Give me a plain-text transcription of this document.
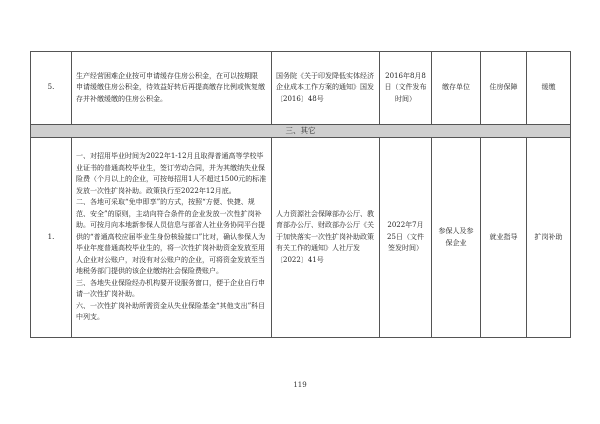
5.	生产经营困难企业按可申请缓存住房公积金，在可以按期限 申请缓缴住房公积金，待效益好转后再提高缴存比例或恢复缴存并补缴缓缴的住房公积金。	国务院《关于印发降低实体经济企业成本工作方案的通知》国发〔2016〕48号	2016年8月8日（文件发布时间）	缴存单位	住房保障	缓缴
三、其它						
1.	一、对招用毕业时间为2022年1-12月且取得普通高等学校毕业证书的普通高校毕业生，签订劳动合同，并为其缴纳失业保险费（个月以上的企业，可按每招用1人不超过1500元的标准发放一次性扩岗补助。政策执行至2022年12月底。

二、各地可采取“免申即享”的方式，按照“方便、快捷、规范、安全”的原则，主动向符合条件的企业发放一次性扩岗补助。可按月向本地新参保人员信息与部省人社业务协同平台提供的“普通高校应届毕业生身份核验接口”比对，确认参保人为毕业年度普通高校毕业生的，将一次性扩岗补助资金发放至用人企业对公账户，对没有对公账户的企业，可将资金发放至当地税务部门提供的该企业缴纳社会保险费账户。

三、各地失业保险经办机构要开设服务窗口，便于企业自行申请一次性扩岗补助。

六、一次性扩岗补助所需资金从失业保险基金“其他支出”科目中列支。	人力资源社会保障部办公厅、教育部办公厅、财政部办公厅《关于加快落实一次性扩岗补助政策有关工作的通知》人社厅发〔2022〕41号	2022年7月25日（文件签发时间）	参保人及参保企业	就业指导	扩岗补助
119
